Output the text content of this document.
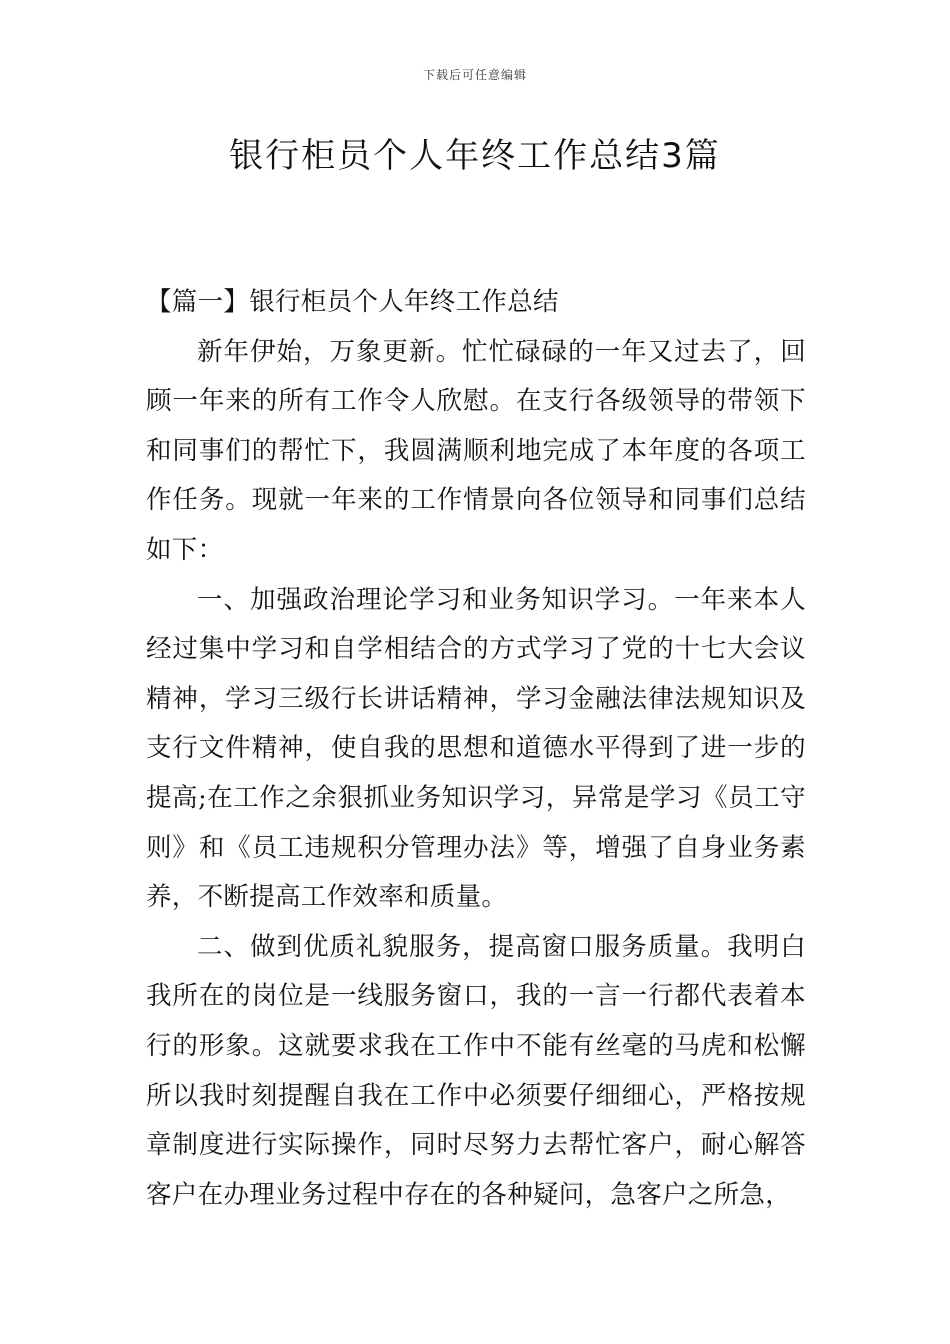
下载后可任意编辑
银行柜员个人年终工作总结3篇

【篇一】银行柜员个人年终工作总结

新年伊始，万象更新。忙忙碌碌的一年又过去了，回顾一年来的所有工作令人欣慰。在支行各级领导的带领下和同事们的帮忙下，我圆满顺利地完成了本年度的各项工作任务。现就一年来的工作情景向各位领导和同事们总结如下：

一、加强政治理论学习和业务知识学习。一年来本人经过集中学习和自学相结合的方式学习了党的十七大会议精神，学习三级行长讲话精神，学习金融法律法规知识及支行文件精神，使自我的思想和道德水平得到了进一步的提高;在工作之余狠抓业务知识学习，异常是学习《员工守则》和《员工违规积分管理办法》等，增强了自身业务素养，不断提高工作效率和质量。

二、做到优质礼貌服务，提高窗口服务质量。我明白我所在的岗位是一线服务窗口，我的一言一行都代表着本行的形象。这就要求我在工作中不能有丝毫的马虎和松懈所以我时刻提醒自我在工作中必须要仔细细心，严格按规章制度进行实际操作，同时尽努力去帮忙客户，耐心解答客户在办理业务过程中存在的各种疑问，急客户之所急，
